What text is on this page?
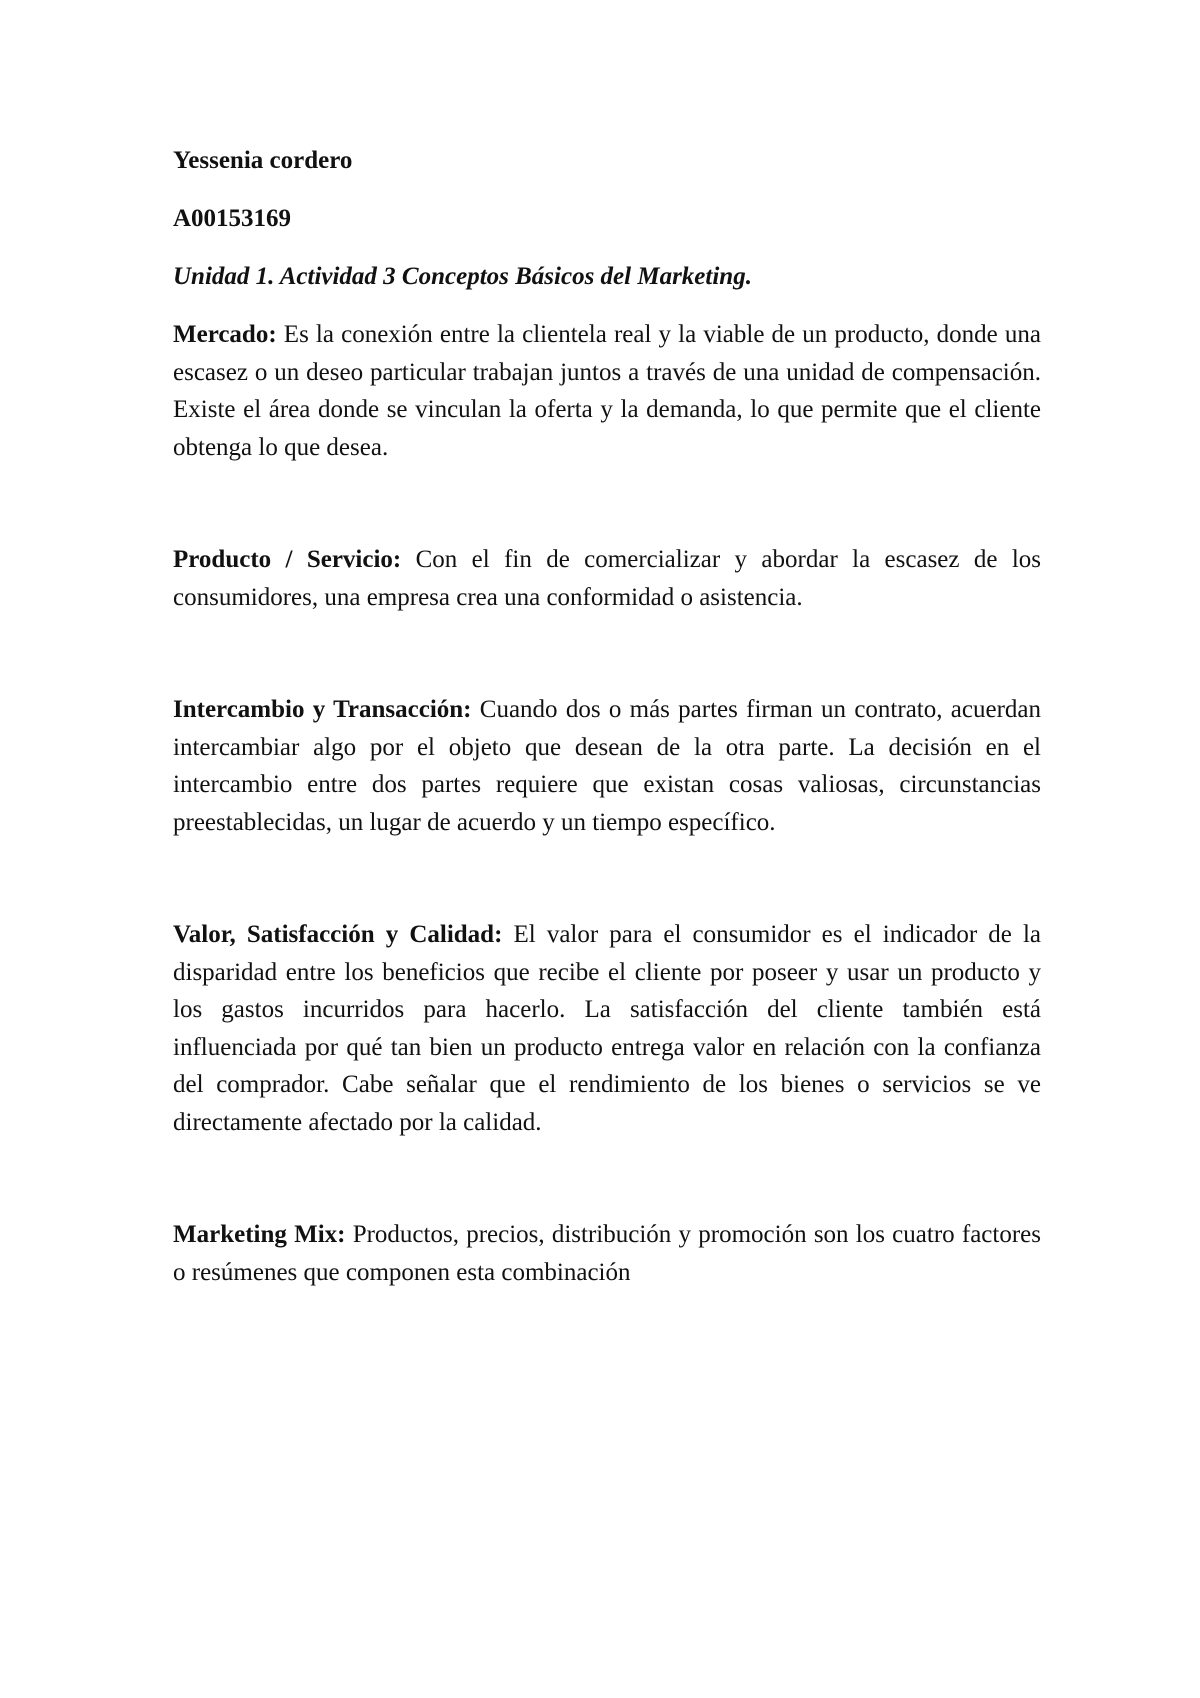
Yessenia cordero

A00153169

Unidad 1. Actividad 3 Conceptos Básicos del Marketing.

Mercado: Es la conexión entre la clientela real y la viable de un producto, donde una escasez o un deseo particular trabajan juntos a través de una unidad de compensación. Existe el área donde se vinculan la oferta y la demanda, lo que permite que el cliente obtenga lo que desea.

Producto / Servicio: Con el fin de comercializar y abordar la escasez de los consumidores, una empresa crea una conformidad o asistencia.

Intercambio y Transacción: Cuando dos o más partes firman un contrato, acuerdan intercambiar algo por el objeto que desean de la otra parte. La decisión en el intercambio entre dos partes requiere que existan cosas valiosas, circunstancias preestablecidas, un lugar de acuerdo y un tiempo específico.

Valor, Satisfacción y Calidad: El valor para el consumidor es el indicador de la disparidad entre los beneficios que recibe el cliente por poseer y usar un producto y los gastos incurridos para hacerlo. La satisfacción del cliente también está influenciada por qué tan bien un producto entrega valor en relación con la confianza del comprador. Cabe señalar que el rendimiento de los bienes o servicios se ve directamente afectado por la calidad.

Marketing Mix: Productos, precios, distribución y promoción son los cuatro factores o resúmenes que componen esta combinación
